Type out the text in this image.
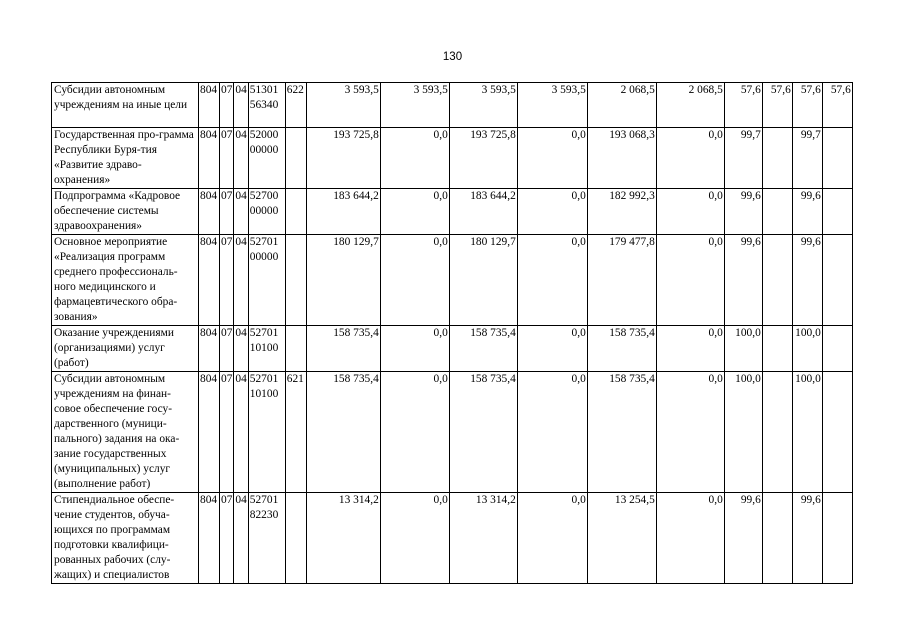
130
Субсидии автономным учреждениям на иные цели	804	07	04	51301 56340	622	3 593,5	3 593,5	3 593,5	3 593,5	2 068,5	2 068,5	57,6	57,6	57,6	57,6
Государственная про-грамма Республики Буря-тия «Развитие здраво-охранения»	804	07	04	52000 00000		193 725,8	0,0	193 725,8	0,0	193 068,3	0,0	99,7		99,7	
Подпрограмма «Кадровое обеспечение системы здравоохранения»	804	07	04	52700 00000		183 644,2	0,0	183 644,2	0,0	182 992,3	0,0	99,6		99,6	
Основное мероприятие «Реализация программ среднего профессиональ-ного медицинского и фармацевтического обра-зования»	804	07	04	52701 00000		180 129,7	0,0	180 129,7	0,0	179 477,8	0,0	99,6		99,6	
Оказание учреждениями (организациями) услуг (работ)	804	07	04	52701 10100		158 735,4	0,0	158 735,4	0,0	158 735,4	0,0	100,0		100,0	
Субсидии автономным учреждениям на финан-совое обеспечение госу-дарственного (муници-пального) задания на ока-зание государственных (муниципальных) услуг (выполнение работ)	804	07	04	52701 10100	621	158 735,4	0,0	158 735,4	0,0	158 735,4	0,0	100,0		100,0	
Стипендиальное обеспе-чение студентов, обуча-ющихся по программам подготовки квалифици-рованных рабочих (слу-жащих) и специалистов	804	07	04	52701 82230		13 314,2	0,0	13 314,2	0,0	13 254,5	0,0	99,6		99,6	
